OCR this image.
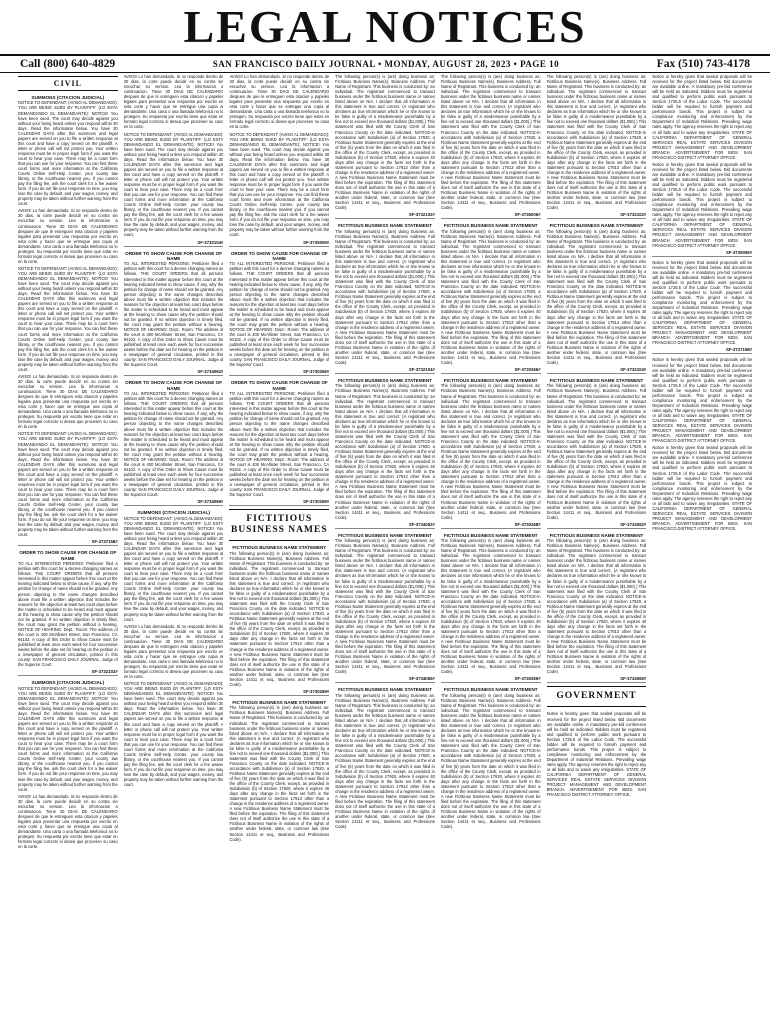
LEGAL NOTICES
Call (800) 640-4829	SAN FRANCISCO DAILY JOURNAL • MONDAY, AUGUST 28, 2023 • PAGE 10	Fax (510) 743-4178
CIVIL
SUMMONS (CITACION JUDICIAL)

NOTICE TO DEFENDANT: (AVISO AL DEMANDADO): YOU ARE BEING SUED BY PLAINTIFF: (LO ESTA DEMANDANDO EL DEMANDANTE): NOTICE! You have been sued. The court may decide against you without your being heard unless you respond within 30 days. Read the information below. You have 30 CALENDAR DAYS after this summons and legal papers are served on you to file a written response at this court and have a copy served on the plaintiff. A letter or phone call will not protect you. Your written response must be in proper legal form if you want the court to hear your case. There may be a court form that you can use for your response. You can find these court forms and more information at the California Courts Online Self-Help Center, your county law library, or the courthouse nearest you. If you cannot pay the filing fee, ask the court clerk for a fee waiver form. If you do not file your response on time, you may lose the case by default, and your wages, money, and property may be taken without further warning from the court.

AVISO! Lo han demandado. Si no responde dentro de 30 dias, la corte puede decidir en su contra sin escuchar su version. Lea la informacion a continuacion. Tiene 30 DIAS DE CALENDARIO despues de que le entreguen esta citacion y papeles legales para presentar una respuesta por escrito en esta corte y hacer que se entregue una copia al demandante. Una carta o una llamada telefonica no lo protegen. Su respuesta por escrito tiene que estar en formato legal correcto si desea que procesen su caso en la corte.

NOTICE TO DEFENDANT: (AVISO AL DEMANDADO): YOU ARE BEING SUED BY PLAINTIFF: (LO ESTA DEMANDANDO EL DEMANDANTE): NOTICE! You have been sued. The court may decide against you without your being heard unless you respond within 30 days. Read the information below. You have 30 CALENDAR DAYS after this summons and legal papers are served on you to file a written response at this court and have a copy served on the plaintiff. A letter or phone call will not protect you. Your written response must be in proper legal form if you want the court to hear your case. There may be a court form that you can use for your response. You can find these court forms and more information at the California Courts Online Self-Help Center, your county law library, or the courthouse nearest you. If you cannot pay the filing fee, ask the court clerk for a fee waiver form. If you do not file your response on time, you may lose the case by default, and your wages, money, and property may be taken without further warning from the court.

AVISO! Lo han demandado. Si no responde dentro de 30 dias, la corte puede decidir en su contra sin escuchar su version. Lea la informacion a continuacion. Tiene 30 DIAS DE CALENDARIO despues de que le entreguen esta citacion y papeles legales para presentar una respuesta por escrito en esta corte y hacer que se entregue una copia al demandante. Una carta o una llamada telefonica no lo protegen. Su respuesta por escrito tiene que estar en formato legal correcto si desea que procesen su caso en la corte.

NOTICE TO DEFENDANT: (AVISO AL DEMANDADO): YOU ARE BEING SUED BY PLAINTIFF: (LO ESTA DEMANDANDO EL DEMANDANTE): NOTICE! You have been sued. The court may decide against you without your being heard unless you respond within 30 days. Read the information below. You have 30 CALENDAR DAYS after this summons and legal papers are served on you to file a written response at this court and have a copy served on the plaintiff. A letter or phone call will not protect you. Your written response must be in proper legal form if you want the court to hear your case. There may be a court form that you can use for your response. You can find these court forms and more information at the California Courts Online Self-Help Center, your county law library, or the courthouse nearest you. If you cannot pay the filing fee, ask the court clerk for a fee waiver form. If you do not file your response on time, you may lose the case by default, and your wages, money, and property may be taken without further warning from the court.

SF-3737158#
ORDER TO SHOW CAUSE FOR CHANGE OF NAME

TO ALL INTERESTED PERSONS: Petitioner filed a petition with this court for a decree changing names as follows. THE COURT ORDERS that all persons interested in this matter appear before this court at the hearing indicated below to show cause, if any, why the petition for change of name should not be granted. Any person objecting to the name changes described above must file a written objection that includes the reasons for the objection at least two court days before the matter is scheduled to be heard and must appear at the hearing to show cause why the petition should not be granted. If no written objection is timely filed, the court may grant the petition without a hearing. NOTICE OF HEARING: Dept.: Room: The address of the court is 400 McAllister Street, San Francisco, CA 94102. A copy of this Order to Show Cause must be published at least once each week for four successive weeks before the date set for hearing on the petition in a newspaper of general circulation, printed in this county: SAN FRANCISCO DAILY JOURNAL. Judge of the Superior Court.

SF-3732102#
SUMMONS (CITACION JUDICIAL)

NOTICE TO DEFENDANT: (AVISO AL DEMANDADO): YOU ARE BEING SUED BY PLAINTIFF: (LO ESTA DEMANDANDO EL DEMANDANTE): NOTICE! You have been sued. The court may decide against you without your being heard unless you respond within 30 days. Read the information below. You have 30 CALENDAR DAYS after this summons and legal papers are served on you to file a written response at this court and have a copy served on the plaintiff. A letter or phone call will not protect you. Your written response must be in proper legal form if you want the court to hear your case. There may be a court form that you can use for your response. You can find these court forms and more information at the California Courts Online Self-Help Center, your county law library, or the courthouse nearest you. If you cannot pay the filing fee, ask the court clerk for a fee waiver form. If you do not file your response on time, you may lose the case by default, and your wages, money, and property may be taken without further warning from the court.

AVISO! Lo han demandado. Si no responde dentro de 30 dias, la corte puede decidir en su contra sin escuchar su version. Lea la informacion a continuacion. Tiene 30 DIAS DE CALENDARIO despues de que le entreguen esta citacion y papeles legales para presentar una respuesta por escrito en esta corte y hacer que se entregue una copia al demandante. Una carta o una llamada telefonica no lo protegen. Su respuesta por escrito tiene que estar en formato legal correcto si desea que procesen su caso en la corte.

AVISO! Lo han demandado. Si no responde dentro de 30 dias, la corte puede decidir en su contra sin escuchar su version. Lea la informacion a continuacion. Tiene 30 DIAS DE CALENDARIO despues de que le entreguen esta citacion y papeles legales para presentar una respuesta por escrito en esta corte y hacer que se entregue una copia al demandante. Una carta o una llamada telefonica no lo protegen. Su respuesta por escrito tiene que estar en formato legal correcto si desea que procesen su caso en la corte.

NOTICE TO DEFENDANT: (AVISO AL DEMANDADO): YOU ARE BEING SUED BY PLAINTIFF: (LO ESTA DEMANDANDO EL DEMANDANTE): NOTICE! You have been sued. The court may decide against you without your being heard unless you respond within 30 days. Read the information below. You have 30 CALENDAR DAYS after this summons and legal papers are served on you to file a written response at this court and have a copy served on the plaintiff. A letter or phone call will not protect you. Your written response must be in proper legal form if you want the court to hear your case. There may be a court form that you can use for your response. You can find these court forms and more information at the California Courts Online Self-Help Center, your county law library, or the courthouse nearest you. If you cannot pay the filing fee, ask the court clerk for a fee waiver form. If you do not file your response on time, you may lose the case by default, and your wages, money, and property may be taken without further warning from the court.

SF-3732104#
ORDER TO SHOW CAUSE FOR CHANGE OF NAME

TO ALL INTERESTED PERSONS: Petitioner filed a petition with this court for a decree changing names as follows. THE COURT ORDERS that all persons interested in this matter appear before this court at the hearing indicated below to show cause, if any, why the petition for change of name should not be granted. Any person objecting to the name changes described above must file a written objection that includes the reasons for the objection at least two court days before the matter is scheduled to be heard and must appear at the hearing to show cause why the petition should not be granted. If no written objection is timely filed, the court may grant the petition without a hearing. NOTICE OF HEARING: Dept.: Room: The address of the court is 400 McAllister Street, San Francisco, CA 94102. A copy of this Order to Show Cause must be published at least once each week for four successive weeks before the date set for hearing on the petition in a newspaper of general circulation, printed in this county: SAN FRANCISCO DAILY JOURNAL. Judge of the Superior Court.

SF-3734062#
ORDER TO SHOW CAUSE FOR CHANGE OF NAME

TO ALL INTERESTED PERSONS: Petitioner filed a petition with this court for a decree changing names as follows. THE COURT ORDERS that all persons interested in this matter appear before this court at the hearing indicated below to show cause, if any, why the petition for change of name should not be granted. Any person objecting to the name changes described above must file a written objection that includes the reasons for the objection at least two court days before the matter is scheduled to be heard and must appear at the hearing to show cause why the petition should not be granted. If no written objection is timely filed, the court may grant the petition without a hearing. NOTICE OF HEARING: Dept.: Room: The address of the court is 400 McAllister Street, San Francisco, CA 94102. A copy of this Order to Show Cause must be published at least once each week for four successive weeks before the date set for hearing on the petition in a newspaper of general circulation, printed in this county: SAN FRANCISCO DAILY JOURNAL. Judge of the Superior Court.

SF-3734065#
SUMMONS (CITACION JUDICIAL)

NOTICE TO DEFENDANT: (AVISO AL DEMANDADO): YOU ARE BEING SUED BY PLAINTIFF: (LO ESTA DEMANDANDO EL DEMANDANTE): NOTICE! You have been sued. The court may decide against you without your being heard unless you respond within 30 days. Read the information below. You have 30 CALENDAR DAYS after this summons and legal papers are served on you to file a written response at this court and have a copy served on the plaintiff. A letter or phone call will not protect you. Your written response must be in proper legal form if you want the court to hear your case. There may be a court form that you can use for your response. You can find these court forms and more information at the California Courts Online Self-Help Center, your county law library, or the courthouse nearest you. If you cannot pay the filing fee, ask the court clerk for a fee waiver form. If you do not file your response on time, you may lose the case by default, and your wages, money, and property may be taken without further warning from the court.

AVISO! Lo han demandado. Si no responde dentro de 30 dias, la corte puede decidir en su contra sin escuchar su version. Lea la informacion a continuacion. Tiene 30 DIAS DE CALENDARIO despues de que le entreguen esta citacion y papeles legales para presentar una respuesta por escrito en esta corte y hacer que se entregue una copia al demandante. Una carta o una llamada telefonica no lo protegen. Su respuesta por escrito tiene que estar en formato legal correcto si desea que procesen su caso en la corte.

NOTICE TO DEFENDANT: (AVISO AL DEMANDADO): YOU ARE BEING SUED BY PLAINTIFF: (LO ESTA DEMANDANDO EL DEMANDANTE): NOTICE! You have been sued. The court may decide against you without your being heard unless you respond within 30 days. Read the information below. You have 30 CALENDAR DAYS after this summons and legal papers are served on you to file a written response at this court and have a copy served on the plaintiff. A letter or phone call will not protect you. Your written response must be in proper legal form if you want the court to hear your case. There may be a court form that you can use for your response. You can find these court forms and more information at the California Courts Online Self-Help Center, your county law library, or the courthouse nearest you. If you cannot pay the filing fee, ask the court clerk for a fee waiver form. If you do not file your response on time, you may lose the case by default, and your wages, money, and property may be taken without further warning from the court.

AVISO! Lo han demandado. Si no responde dentro de 30 dias, la corte puede decidir en su contra sin escuchar su version. Lea la informacion a continuacion. Tiene 30 DIAS DE CALENDARIO despues de que le entreguen esta citacion y papeles legales para presentar una respuesta por escrito en esta corte y hacer que se entregue una copia al demandante. Una carta o una llamada telefonica no lo protegen. Su respuesta por escrito tiene que estar en formato legal correcto si desea que procesen su caso en la corte.

NOTICE TO DEFENDANT: (AVISO AL DEMANDADO): YOU ARE BEING SUED BY PLAINTIFF: (LO ESTA DEMANDANDO EL DEMANDANTE): NOTICE! You have been sued. The court may decide against you without your being heard unless you respond within 30 days. Read the information below. You have 30 CALENDAR DAYS after this summons and legal papers are served on you to file a written response at this court and have a copy served on the plaintiff. A letter or phone call will not protect you. Your written response must be in proper legal form if you want the court to hear your case. There may be a court form that you can use for your response. You can find these court forms and more information at the California Courts Online Self-Help Center, your county law library, or the courthouse nearest you. If you cannot pay the filing fee, ask the court clerk for a fee waiver form. If you do not file your response on time, you may lose the case by default, and your wages, money, and property may be taken without further warning from the court.

SF-3735006#
ORDER TO SHOW CAUSE FOR CHANGE OF NAME

TO ALL INTERESTED PERSONS: Petitioner filed a petition with this court for a decree changing names as follows. THE COURT ORDERS that all persons interested in this matter appear before this court at the hearing indicated below to show cause, if any, why the petition for change of name should not be granted. Any person objecting to the name changes described above must file a written objection that includes the reasons for the objection at least two court days before the matter is scheduled to be heard and must appear at the hearing to show cause why the petition should not be granted. If no written objection is timely filed, the court may grant the petition without a hearing. NOTICE OF HEARING: Dept.: Room: The address of the court is 400 McAllister Street, San Francisco, CA 94102. A copy of this Order to Show Cause must be published at least once each week for four successive weeks before the date set for hearing on the petition in a newspaper of general circulation, printed in this county: SAN FRANCISCO DAILY JOURNAL. Judge of the Superior Court.

SF-3730266#
ORDER TO SHOW CAUSE FOR CHANGE OF NAME

TO ALL INTERESTED PERSONS: Petitioner filed a petition with this court for a decree changing names as follows. THE COURT ORDERS that all persons interested in this matter appear before this court at the hearing indicated below to show cause, if any, why the petition for change of name should not be granted. Any person objecting to the name changes described above must file a written objection that includes the reasons for the objection at least two court days before the matter is scheduled to be heard and must appear at the hearing to show cause why the petition should not be granted. If no written objection is timely filed, the court may grant the petition without a hearing. NOTICE OF HEARING: Dept.: Room: The address of the court is 400 McAllister Street, San Francisco, CA 94102. A copy of this Order to Show Cause must be published at least once each week for four successive weeks before the date set for hearing on the petition in a newspaper of general circulation, printed in this county: SAN FRANCISCO DAILY JOURNAL. Judge of the Superior Court.

SF-3730268#
FICTITIOUS BUSINESS NAMES
FICTITIOUS BUSINESS NAME STATEMENT

The following person(s) is (are) doing business as: Fictitious Business Name(s). Business Address. Full Name of Registrant. This business is conducted by: an individual. The registrant commenced to transact business under the fictitious business name or names listed above on N/A. I declare that all information in this statement is true and correct. (A registrant who declares as true information which he or she knows to be false is guilty of a misdemeanor punishable by a fine not to exceed one thousand dollars ($1,000).) This statement was filed with the County Clerk of San Francisco County on the date indicated. NOTICE-In accordance with Subdivision (a) of Section 17920, a Fictitious Name Statement generally expires at the end of five (5) years from the date on which it was filed in the office of the County Clerk, except, as provided in Subdivision (b) of Section 17920, where it expires 40 days after any change in the facts set forth in the statement pursuant to Section 17913 other than a change in the residence address of a registered owner. A new Fictitious Business Name Statement must be filed before the expiration. The filing of this statement does not of itself authorize the use in this state of a Fictitious Business Name in violation of the rights of another under federal, state, or common law (See Section 14411 et seq., Business and Professions Code).

SF-3730269#
FICTITIOUS BUSINESS NAME STATEMENT

The following person(s) is (are) doing business as: Fictitious Business Name(s). Business Address. Full Name of Registrant. This business is conducted by: an individual. The registrant commenced to transact business under the fictitious business name or names listed above on N/A. I declare that all information in this statement is true and correct. (A registrant who declares as true information which he or she knows to be false is guilty of a misdemeanor punishable by a fine not to exceed one thousand dollars ($1,000).) This statement was filed with the County Clerk of San Francisco County on the date indicated. NOTICE-In accordance with Subdivision (a) of Section 17920, a Fictitious Name Statement generally expires at the end of five (5) years from the date on which it was filed in the office of the County Clerk, except, as provided in Subdivision (b) of Section 17920, where it expires 40 days after any change in the facts set forth in the statement pursuant to Section 17913 other than a change in the residence address of a registered owner. A new Fictitious Business Name Statement must be filed before the expiration. The filing of this statement does not of itself authorize the use in this state of a Fictitious Business Name in violation of the rights of another under federal, state, or common law (See Section 14411 et seq., Business and Professions Code).

The following person(s) is (are) doing business as: Fictitious Business Name(s). Business Address. Full Name of Registrant. This business is conducted by: an individual. The registrant commenced to transact business under the fictitious business name or names listed above on N/A. I declare that all information in this statement is true and correct. (A registrant who declares as true information which he or she knows to be false is guilty of a misdemeanor punishable by a fine not to exceed one thousand dollars ($1,000).) This statement was filed with the County Clerk of San Francisco County on the date indicated. NOTICE-In accordance with Subdivision (a) of Section 17920, a Fictitious Name Statement generally expires at the end of five (5) years from the date on which it was filed in the office of the County Clerk, except, as provided in Subdivision (b) of Section 17920, where it expires 40 days after any change in the facts set forth in the statement pursuant to Section 17913 other than a change in the residence address of a registered owner. A new Fictitious Business Name Statement must be filed before the expiration. The filing of this statement does not of itself authorize the use in this state of a Fictitious Business Name in violation of the rights of another under federal, state, or common law (See Section 14411 et seq., Business and Professions Code).

SF-3732102#
FICTITIOUS BUSINESS NAME STATEMENT

The following person(s) is (are) doing business as: Fictitious Business Name(s). Business Address. Full Name of Registrant. This business is conducted by: an individual. The registrant commenced to transact business under the fictitious business name or names listed above on N/A. I declare that all information in this statement is true and correct. (A registrant who declares as true information which he or she knows to be false is guilty of a misdemeanor punishable by a fine not to exceed one thousand dollars ($1,000).) This statement was filed with the County Clerk of San Francisco County on the date indicated. NOTICE-In accordance with Subdivision (a) of Section 17920, a Fictitious Name Statement generally expires at the end of five (5) years from the date on which it was filed in the office of the County Clerk, except, as provided in Subdivision (b) of Section 17920, where it expires 40 days after any change in the facts set forth in the statement pursuant to Section 17913 other than a change in the residence address of a registered owner. A new Fictitious Business Name Statement must be filed before the expiration. The filing of this statement does not of itself authorize the use in this state of a Fictitious Business Name in violation of the rights of another under federal, state, or common law (See Section 14411 et seq., Business and Professions Code).

SF-3732104#
FICTITIOUS BUSINESS NAME STATEMENT

The following person(s) is (are) doing business as: Fictitious Business Name(s). Business Address. Full Name of Registrant. This business is conducted by: an individual. The registrant commenced to transact business under the fictitious business name or names listed above on N/A. I declare that all information in this statement is true and correct. (A registrant who declares as true information which he or she knows to be false is guilty of a misdemeanor punishable by a fine not to exceed one thousand dollars ($1,000).) This statement was filed with the County Clerk of San Francisco County on the date indicated. NOTICE-In accordance with Subdivision (a) of Section 17920, a Fictitious Name Statement generally expires at the end of five (5) years from the date on which it was filed in the office of the County Clerk, except, as provided in Subdivision (b) of Section 17920, where it expires 40 days after any change in the facts set forth in the statement pursuant to Section 17913 other than a change in the residence address of a registered owner. A new Fictitious Business Name Statement must be filed before the expiration. The filing of this statement does not of itself authorize the use in this state of a Fictitious Business Name in violation of the rights of another under federal, state, or common law (See Section 14411 et seq., Business and Professions Code).

SF-3734062#
FICTITIOUS BUSINESS NAME STATEMENT

The following person(s) is (are) doing business as: Fictitious Business Name(s). Business Address. Full Name of Registrant. This business is conducted by: an individual. The registrant commenced to transact business under the fictitious business name or names listed above on N/A. I declare that all information in this statement is true and correct. (A registrant who declares as true information which he or she knows to be false is guilty of a misdemeanor punishable by a fine not to exceed one thousand dollars ($1,000).) This statement was filed with the County Clerk of San Francisco County on the date indicated. NOTICE-In accordance with Subdivision (a) of Section 17920, a Fictitious Name Statement generally expires at the end of five (5) years from the date on which it was filed in the office of the County Clerk, except, as provided in Subdivision (b) of Section 17920, where it expires 40 days after any change in the facts set forth in the statement pursuant to Section 17913 other than a change in the residence address of a registered owner. A new Fictitious Business Name Statement must be filed before the expiration. The filing of this statement does not of itself authorize the use in this state of a Fictitious Business Name in violation of the rights of another under federal, state, or common law (See Section 14411 et seq., Business and Professions Code).

SF-3734065#
FICTITIOUS BUSINESS NAME STATEMENT

The following person(s) is (are) doing business as: Fictitious Business Name(s). Business Address. Full Name of Registrant. This business is conducted by: an individual. The registrant commenced to transact business under the fictitious business name or names listed above on N/A. I declare that all information in this statement is true and correct. (A registrant who declares as true information which he or she knows to be false is guilty of a misdemeanor punishable by a fine not to exceed one thousand dollars ($1,000).) This statement was filed with the County Clerk of San Francisco County on the date indicated. NOTICE-In accordance with Subdivision (a) of Section 17920, a Fictitious Name Statement generally expires at the end of five (5) years from the date on which it was filed in the office of the County Clerk, except, as provided in Subdivision (b) of Section 17920, where it expires 40 days after any change in the facts set forth in the statement pursuant to Section 17913 other than a change in the residence address of a registered owner. A new Fictitious Business Name Statement must be filed before the expiration. The filing of this statement does not of itself authorize the use in this state of a Fictitious Business Name in violation of the rights of another under federal, state, or common law (See Section 14411 et seq., Business and Professions Code).

The following person(s) is (are) doing business as: Fictitious Business Name(s). Business Address. Full Name of Registrant. This business is conducted by: an individual. The registrant commenced to transact business under the fictitious business name or names listed above on N/A. I declare that all information in this statement is true and correct. (A registrant who declares as true information which he or she knows to be false is guilty of a misdemeanor punishable by a fine not to exceed one thousand dollars ($1,000).) This statement was filed with the County Clerk of San Francisco County on the date indicated. NOTICE-In accordance with Subdivision (a) of Section 17920, a Fictitious Name Statement generally expires at the end of five (5) years from the date on which it was filed in the office of the County Clerk, except, as provided in Subdivision (b) of Section 17920, where it expires 40 days after any change in the facts set forth in the statement pursuant to Section 17913 other than a change in the residence address of a registered owner. A new Fictitious Business Name Statement must be filed before the expiration. The filing of this statement does not of itself authorize the use in this state of a Fictitious Business Name in violation of the rights of another under federal, state, or common law (See Section 14411 et seq., Business and Professions Code).

SF-3735006#
FICTITIOUS BUSINESS NAME STATEMENT

The following person(s) is (are) doing business as: Fictitious Business Name(s). Business Address. Full Name of Registrant. This business is conducted by: an individual. The registrant commenced to transact business under the fictitious business name or names listed above on N/A. I declare that all information in this statement is true and correct. (A registrant who declares as true information which he or she knows to be false is guilty of a misdemeanor punishable by a fine not to exceed one thousand dollars ($1,000).) This statement was filed with the County Clerk of San Francisco County on the date indicated. NOTICE-In accordance with Subdivision (a) of Section 17920, a Fictitious Name Statement generally expires at the end of five (5) years from the date on which it was filed in the office of the County Clerk, except, as provided in Subdivision (b) of Section 17920, where it expires 40 days after any change in the facts set forth in the statement pursuant to Section 17913 other than a change in the residence address of a registered owner. A new Fictitious Business Name Statement must be filed before the expiration. The filing of this statement does not of itself authorize the use in this state of a Fictitious Business Name in violation of the rights of another under federal, state, or common law (See Section 14411 et seq., Business and Professions Code).

SF-3730266#
FICTITIOUS BUSINESS NAME STATEMENT

The following person(s) is (are) doing business as: Fictitious Business Name(s). Business Address. Full Name of Registrant. This business is conducted by: an individual. The registrant commenced to transact business under the fictitious business name or names listed above on N/A. I declare that all information in this statement is true and correct. (A registrant who declares as true information which he or she knows to be false is guilty of a misdemeanor punishable by a fine not to exceed one thousand dollars ($1,000).) This statement was filed with the County Clerk of San Francisco County on the date indicated. NOTICE-In accordance with Subdivision (a) of Section 17920, a Fictitious Name Statement generally expires at the end of five (5) years from the date on which it was filed in the office of the County Clerk, except, as provided in Subdivision (b) of Section 17920, where it expires 40 days after any change in the facts set forth in the statement pursuant to Section 17913 other than a change in the residence address of a registered owner. A new Fictitious Business Name Statement must be filed before the expiration. The filing of this statement does not of itself authorize the use in this state of a Fictitious Business Name in violation of the rights of another under federal, state, or common law (See Section 14411 et seq., Business and Professions Code).

SF-3730268#
FICTITIOUS BUSINESS NAME STATEMENT

The following person(s) is (are) doing business as: Fictitious Business Name(s). Business Address. Full Name of Registrant. This business is conducted by: an individual. The registrant commenced to transact business under the fictitious business name or names listed above on N/A. I declare that all information in this statement is true and correct. (A registrant who declares as true information which he or she knows to be false is guilty of a misdemeanor punishable by a fine not to exceed one thousand dollars ($1,000).) This statement was filed with the County Clerk of San Francisco County on the date indicated. NOTICE-In accordance with Subdivision (a) of Section 17920, a Fictitious Name Statement generally expires at the end of five (5) years from the date on which it was filed in the office of the County Clerk, except, as provided in Subdivision (b) of Section 17920, where it expires 40 days after any change in the facts set forth in the statement pursuant to Section 17913 other than a change in the residence address of a registered owner. A new Fictitious Business Name Statement must be filed before the expiration. The filing of this statement does not of itself authorize the use in this state of a Fictitious Business Name in violation of the rights of another under federal, state, or common law (See Section 14411 et seq., Business and Professions Code).

SF-3730269#
FICTITIOUS BUSINESS NAME STATEMENT

The following person(s) is (are) doing business as: Fictitious Business Name(s). Business Address. Full Name of Registrant. This business is conducted by: an individual. The registrant commenced to transact business under the fictitious business name or names listed above on N/A. I declare that all information in this statement is true and correct. (A registrant who declares as true information which he or she knows to be false is guilty of a misdemeanor punishable by a fine not to exceed one thousand dollars ($1,000).) This statement was filed with the County Clerk of San Francisco County on the date indicated. NOTICE-In accordance with Subdivision (a) of Section 17920, a Fictitious Name Statement generally expires at the end of five (5) years from the date on which it was filed in the office of the County Clerk, except, as provided in Subdivision (b) of Section 17920, where it expires 40 days after any change in the facts set forth in the statement pursuant to Section 17913 other than a change in the residence address of a registered owner. A new Fictitious Business Name Statement must be filed before the expiration. The filing of this statement does not of itself authorize the use in this state of a Fictitious Business Name in violation of the rights of another under federal, state, or common law (See Section 14411 et seq., Business and Professions Code).

The following person(s) is (are) doing business as: Fictitious Business Name(s). Business Address. Full Name of Registrant. This business is conducted by: an individual. The registrant commenced to transact business under the fictitious business name or names listed above on N/A. I declare that all information in this statement is true and correct. (A registrant who declares as true information which he or she knows to be false is guilty of a misdemeanor punishable by a fine not to exceed one thousand dollars ($1,000).) This statement was filed with the County Clerk of San Francisco County on the date indicated. NOTICE-In accordance with Subdivision (a) of Section 17920, a Fictitious Name Statement generally expires at the end of five (5) years from the date on which it was filed in the office of the County Clerk, except, as provided in Subdivision (b) of Section 17920, where it expires 40 days after any change in the facts set forth in the statement pursuant to Section 17913 other than a change in the residence address of a registered owner. A new Fictitious Business Name Statement must be filed before the expiration. The filing of this statement does not of itself authorize the use in this state of a Fictitious Business Name in violation of the rights of another under federal, state, or common law (See Section 14411 et seq., Business and Professions Code).

SF-3732102#
FICTITIOUS BUSINESS NAME STATEMENT

The following person(s) is (are) doing business as: Fictitious Business Name(s). Business Address. Full Name of Registrant. This business is conducted by: an individual. The registrant commenced to transact business under the fictitious business name or names listed above on N/A. I declare that all information in this statement is true and correct. (A registrant who declares as true information which he or she knows to be false is guilty of a misdemeanor punishable by a fine not to exceed one thousand dollars ($1,000).) This statement was filed with the County Clerk of San Francisco County on the date indicated. NOTICE-In accordance with Subdivision (a) of Section 17920, a Fictitious Name Statement generally expires at the end of five (5) years from the date on which it was filed in the office of the County Clerk, except, as provided in Subdivision (b) of Section 17920, where it expires 40 days after any change in the facts set forth in the statement pursuant to Section 17913 other than a change in the residence address of a registered owner. A new Fictitious Business Name Statement must be filed before the expiration. The filing of this statement does not of itself authorize the use in this state of a Fictitious Business Name in violation of the rights of another under federal, state, or common law (See Section 14411 et seq., Business and Professions Code).

SF-3732104#
FICTITIOUS BUSINESS NAME STATEMENT

The following person(s) is (are) doing business as: Fictitious Business Name(s). Business Address. Full Name of Registrant. This business is conducted by: an individual. The registrant commenced to transact business under the fictitious business name or names listed above on N/A. I declare that all information in this statement is true and correct. (A registrant who declares as true information which he or she knows to be false is guilty of a misdemeanor punishable by a fine not to exceed one thousand dollars ($1,000).) This statement was filed with the County Clerk of San Francisco County on the date indicated. NOTICE-In accordance with Subdivision (a) of Section 17920, a Fictitious Name Statement generally expires at the end of five (5) years from the date on which it was filed in the office of the County Clerk, except, as provided in Subdivision (b) of Section 17920, where it expires 40 days after any change in the facts set forth in the statement pursuant to Section 17913 other than a change in the residence address of a registered owner. A new Fictitious Business Name Statement must be filed before the expiration. The filing of this statement does not of itself authorize the use in this state of a Fictitious Business Name in violation of the rights of another under federal, state, or common law (See Section 14411 et seq., Business and Professions Code).

SF-3734062#
FICTITIOUS BUSINESS NAME STATEMENT

The following person(s) is (are) doing business as: Fictitious Business Name(s). Business Address. Full Name of Registrant. This business is conducted by: an individual. The registrant commenced to transact business under the fictitious business name or names listed above on N/A. I declare that all information in this statement is true and correct. (A registrant who declares as true information which he or she knows to be false is guilty of a misdemeanor punishable by a fine not to exceed one thousand dollars ($1,000).) This statement was filed with the County Clerk of San Francisco County on the date indicated. NOTICE-In accordance with Subdivision (a) of Section 17920, a Fictitious Name Statement generally expires at the end of five (5) years from the date on which it was filed in the office of the County Clerk, except, as provided in Subdivision (b) of Section 17920, where it expires 40 days after any change in the facts set forth in the statement pursuant to Section 17913 other than a change in the residence address of a registered owner. A new Fictitious Business Name Statement must be filed before the expiration. The filing of this statement does not of itself authorize the use in this state of a Fictitious Business Name in violation of the rights of another under federal, state, or common law (See Section 14411 et seq., Business and Professions Code).

SF-3734065#
GOVERNMENT

Notice is hereby given that sealed proposals will be received for the project listed below. Bid documents are available online. A mandatory pre-bid conference will be held as indicated. Bidders must be registered and qualified to perform public work pursuant to Section 1725.5 of the Labor Code. The successful bidder will be required to furnish payment and performance bonds. This project is subject to compliance monitoring and enforcement by the Department of Industrial Relations. Prevailing wage rates apply. The agency reserves the right to reject any or all bids and to waive any irregularities. STATE OF CALIFORNIA DEPARTMENT OF GENERAL SERVICES REAL ESTATE SERVICES DIVISION PROJECT MANAGEMENT AND DEVELOPMENT BRANCH. ADVERTISEMENT FOR BIDS. SAN FRANCISCO DISTRICT ATTORNEY OFFICE.

Notice is hereby given that sealed proposals will be received for the project listed below. Bid documents are available online. A mandatory pre-bid conference will be held as indicated. Bidders must be registered and qualified to perform public work pursuant to Section 1725.5 of the Labor Code. The successful bidder will be required to furnish payment and performance bonds. This project is subject to compliance monitoring and enforcement by the Department of Industrial Relations. Prevailing wage rates apply. The agency reserves the right to reject any or all bids and to waive any irregularities. STATE OF CALIFORNIA DEPARTMENT OF GENERAL SERVICES REAL ESTATE SERVICES DIVISION PROJECT MANAGEMENT AND DEVELOPMENT BRANCH. ADVERTISEMENT FOR BIDS. SAN FRANCISCO DISTRICT ATTORNEY OFFICE.

Notice is hereby given that sealed proposals will be received for the project listed below. Bid documents are available online. A mandatory pre-bid conference will be held as indicated. Bidders must be registered and qualified to perform public work pursuant to Section 1725.5 of the Labor Code. The successful bidder will be required to furnish payment and performance bonds. This project is subject to compliance monitoring and enforcement by the Department of Industrial Relations. Prevailing wage rates apply. The agency reserves the right to reject any or all bids and to waive any irregularities. STATE OF CALIFORNIA DEPARTMENT OF GENERAL SERVICES REAL ESTATE SERVICES DIVISION PROJECT MANAGEMENT AND DEVELOPMENT BRANCH. ADVERTISEMENT FOR BIDS. SAN FRANCISCO DISTRICT ATTORNEY OFFICE.

SF-3735006#

Notice is hereby given that sealed proposals will be received for the project listed below. Bid documents are available online. A mandatory pre-bid conference will be held as indicated. Bidders must be registered and qualified to perform public work pursuant to Section 1725.5 of the Labor Code. The successful bidder will be required to furnish payment and performance bonds. This project is subject to compliance monitoring and enforcement by the Department of Industrial Relations. Prevailing wage rates apply. The agency reserves the right to reject any or all bids and to waive any irregularities. STATE OF CALIFORNIA DEPARTMENT OF GENERAL SERVICES REAL ESTATE SERVICES DIVISION PROJECT MANAGEMENT AND DEVELOPMENT BRANCH. ADVERTISEMENT FOR BIDS. SAN FRANCISCO DISTRICT ATTORNEY OFFICE.

SF-3737158#

Notice is hereby given that sealed proposals will be received for the project listed below. Bid documents are available online. A mandatory pre-bid conference will be held as indicated. Bidders must be registered and qualified to perform public work pursuant to Section 1725.5 of the Labor Code. The successful bidder will be required to furnish payment and performance bonds. This project is subject to compliance monitoring and enforcement by the Department of Industrial Relations. Prevailing wage rates apply. The agency reserves the right to reject any or all bids and to waive any irregularities. STATE OF CALIFORNIA DEPARTMENT OF GENERAL SERVICES REAL ESTATE SERVICES DIVISION PROJECT MANAGEMENT AND DEVELOPMENT BRANCH. ADVERTISEMENT FOR BIDS. SAN FRANCISCO DISTRICT ATTORNEY OFFICE.

Notice is hereby given that sealed proposals will be received for the project listed below. Bid documents are available online. A mandatory pre-bid conference will be held as indicated. Bidders must be registered and qualified to perform public work pursuant to Section 1725.5 of the Labor Code. The successful bidder will be required to furnish payment and performance bonds. This project is subject to compliance monitoring and enforcement by the Department of Industrial Relations. Prevailing wage rates apply. The agency reserves the right to reject any or all bids and to waive any irregularities. STATE OF CALIFORNIA DEPARTMENT OF GENERAL SERVICES REAL ESTATE SERVICES DIVISION PROJECT MANAGEMENT AND DEVELOPMENT BRANCH. ADVERTISEMENT FOR BIDS. SAN FRANCISCO DISTRICT ATTORNEY OFFICE.
